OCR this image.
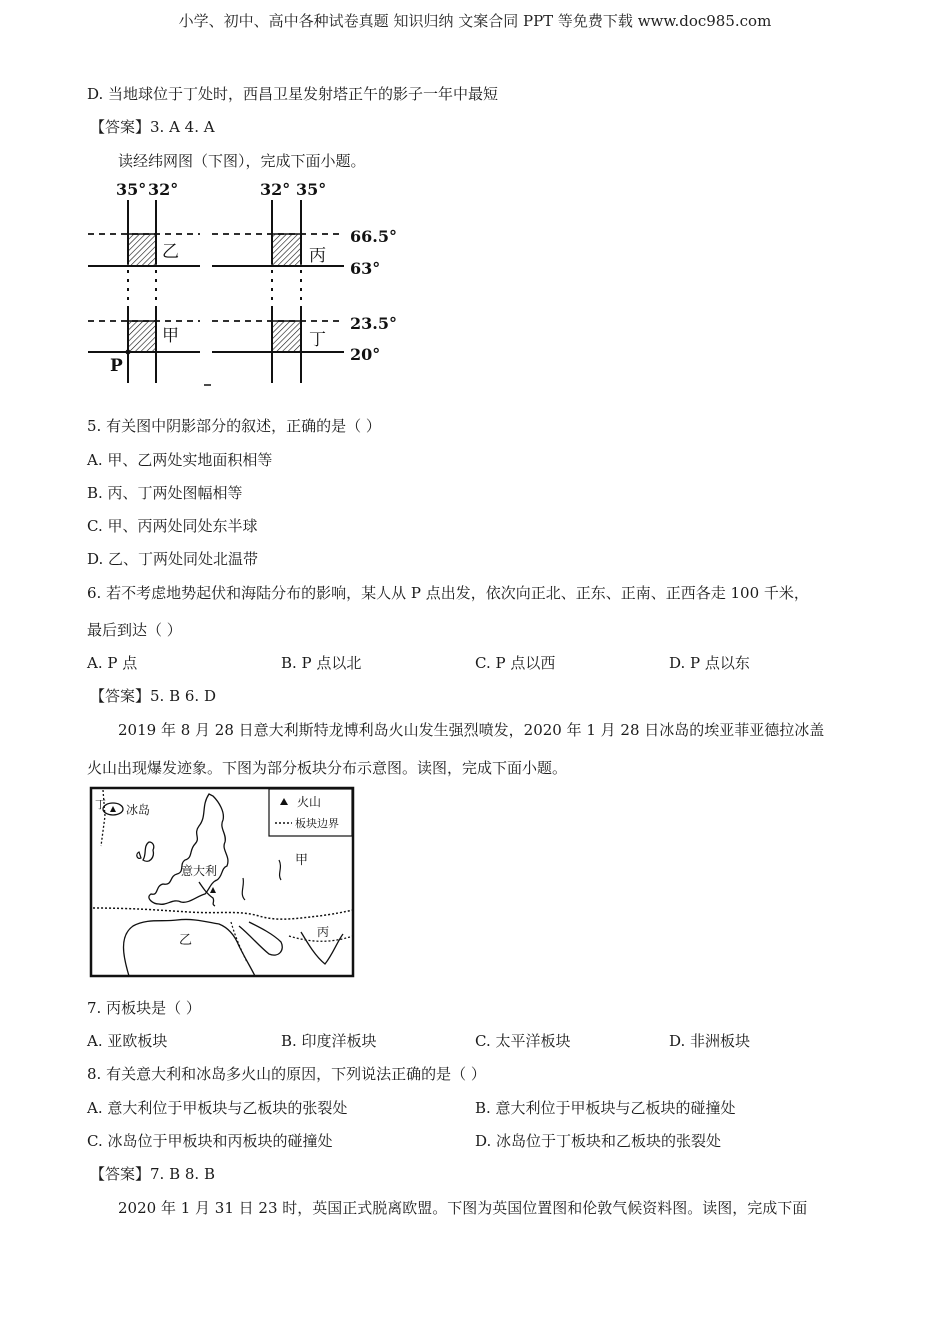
小学、初中、高中各种试卷真题 知识归纳 文案合同 PPT 等免费下载 www.doc985.com
D. 当地球位于丁处时，西昌卫星发射塔正午的影子一年中最短
【答案】3. A 4. A
读经纬网图（下图），完成下面小题。
35° 32°	32° 35°
乙	丙
甲	丁
66.5°
63°
23.5°
20°
P
5. 有关图中阴影部分的叙述，正确的是（ ）
A. 甲、乙两处实地面积相等
B. 丙、丁两处图幅相等
C. 甲、丙两处同处东半球
D. 乙、丁两处同处北温带
6. 若不考虑地势起伏和海陆分布的影响，某人从 P 点出发，依次向正北、正东、正南、正西各走 100 千米，
最后到达（ ）
A. P 点	B. P 点以北	C. P 点以西	D. P 点以东
【答案】5. B 6. D
2019 年 8 月 28 日意大利斯特龙博利岛火山发生强烈喷发，2020 年 1 月 28 日冰岛的埃亚菲亚德拉冰盖
火山出现爆发迹象。下图为部分板块分布示意图。读图，完成下面小题。
火山
板块边界
冰岛
丁
意大利
甲
乙
丙
7. 丙板块是（ ）
A. 亚欧板块	B. 印度洋板块	C. 太平洋板块	D. 非洲板块
8. 有关意大利和冰岛多火山的原因，下列说法正确的是（ ）
A. 意大利位于甲板块与乙板块的张裂处	B. 意大利位于甲板块与乙板块的碰撞处
C. 冰岛位于甲板块和丙板块的碰撞处	D. 冰岛位于丁板块和乙板块的张裂处
【答案】7. B 8. B
2020 年 1 月 31 日 23 时，英国正式脱离欧盟。下图为英国位置图和伦敦气候资料图。读图，完成下面
